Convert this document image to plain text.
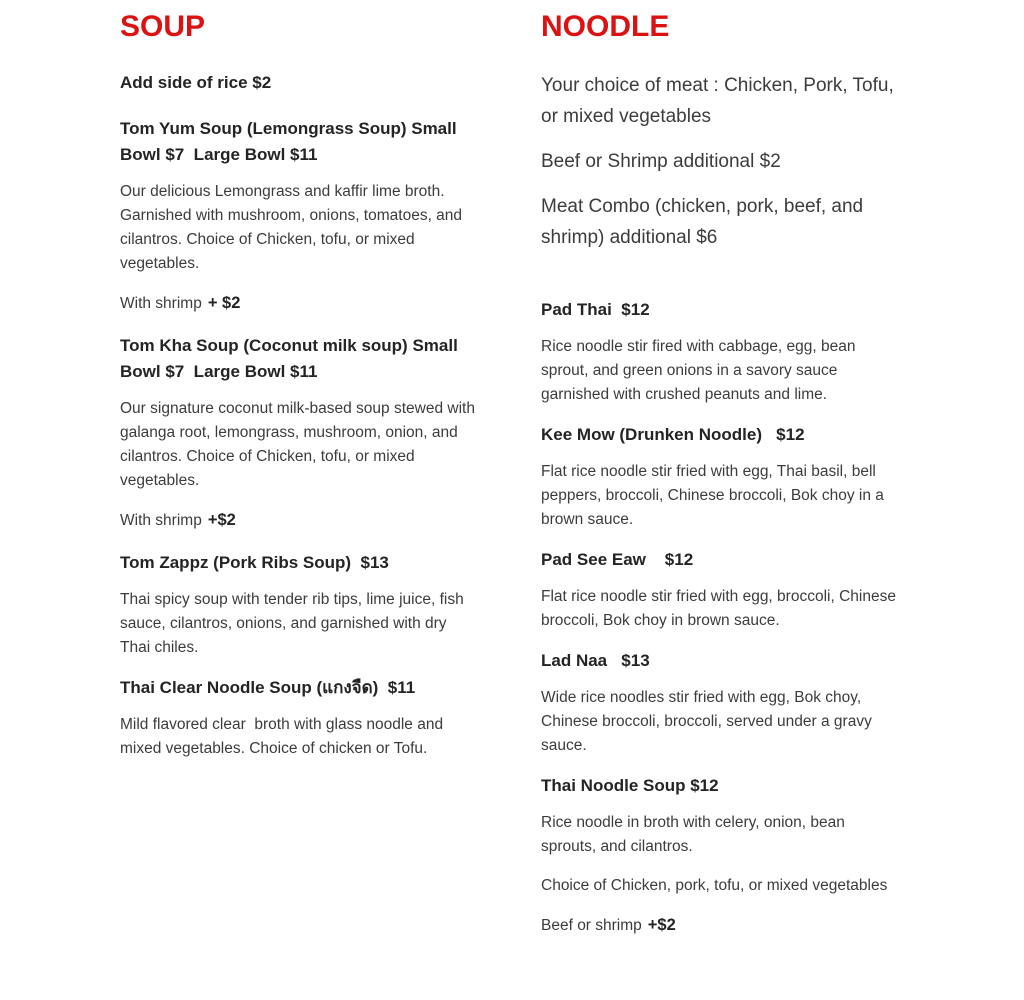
SOUP

Add side of rice $2

Tom Yum Soup (Lemongrass Soup) Small Bowl $7  Large Bowl $11

Our delicious Lemongrass and kaffir lime broth. Garnished with mushroom, onions, tomatoes, and cilantros. Choice of Chicken, tofu, or mixed vegetables.

With shrimp + $2

Tom Kha Soup (Coconut milk soup) Small Bowl $7  Large Bowl $11

Our signature coconut milk-based soup stewed with galanga root, lemongrass, mushroom, onion, and cilantros. Choice of Chicken, tofu, or mixed vegetables.

With shrimp +$2

Tom Zappz (Pork Ribs Soup)  $13

Thai spicy soup with tender rib tips, lime juice, fish sauce, cilantros, onions, and garnished with dry Thai chiles.

Thai Clear Noodle Soup (แกงจืด)  $11

Mild flavored clear  broth with glass noodle and mixed vegetables. Choice of chicken or Tofu.

NOODLE

Your choice of meat : Chicken, Pork, Tofu, or mixed vegetables

Beef or Shrimp additional $2

Meat Combo (chicken, pork, beef, and shrimp) additional $6

Pad Thai  $12

Rice noodle stir fired with cabbage, egg, bean sprout, and green onions in a savory sauce garnished with crushed peanuts and lime.

Kee Mow (Drunken Noodle)   $12

Flat rice noodle stir fried with egg, Thai basil, bell peppers, broccoli, Chinese broccoli, Bok choy in a brown sauce.

Pad See Eaw    $12

Flat rice noodle stir fried with egg, broccoli, Chinese broccoli, Bok choy in brown sauce.

Lad Naa   $13

Wide rice noodles stir fried with egg, Bok choy, Chinese broccoli, broccoli, served under a gravy sauce.

Thai Noodle Soup $12

Rice noodle in broth with celery, onion, bean sprouts, and cilantros.

Choice of Chicken, pork, tofu, or mixed vegetables

Beef or shrimp +$2
